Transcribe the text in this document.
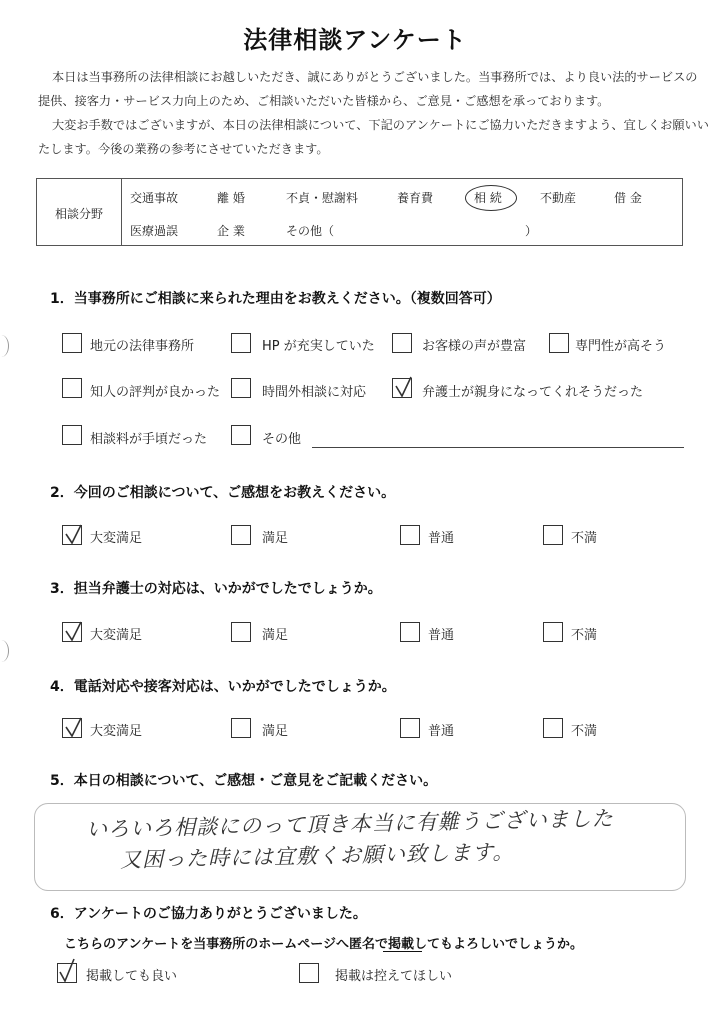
法律相談アンケート
本日は当事務所の法律相談にお越しいただき、誠にありがとうございました。当事務所では、より良い法的サービスの
提供、接客力・サービス力向上のため、ご相談いただいた皆様から、ご意見・ご感想を承っております。
大変お手数ではございますが、本日の法律相談について、下記のアンケートにご協力いただきますよう、宜しくお願いい
たします。今後の業務の参考にさせていただきます。
相談分野
交通事故	離 婚	不貞・慰謝料	養育費	相 続	不動産	借 金
医療過誤	企 業	その他（	）
1．当事務所にご相談に来られた理由をお教えください。（複数回答可）
地元の法律事務所	HP が充実していた	お客様の声が豊富	専門性が高そう
知人の評判が良かった	時間外相談に対応	弁護士が親身になってくれそうだった
相談料が手頃だった	その他
2．今回のご相談について、ご感想をお教えください。
大変満足	満足	普通	不満
3．担当弁護士の対応は、いかがでしたでしょうか。
大変満足	満足	普通	不満
4．電話対応や接客対応は、いかがでしたでしょうか。
大変満足	満足	普通	不満
5．本日の相談について、ご感想・ご意見をご記載ください。
いろいろ相談にのって頂き本当に有難うございました
又困った時には宜敷くお願い致します。
6．アンケートのご協力ありがとうございました。
こちらのアンケートを当事務所のホームページへ匿名で掲載してもよろしいでしょうか。
掲載しても良い	掲載は控えてほしい
